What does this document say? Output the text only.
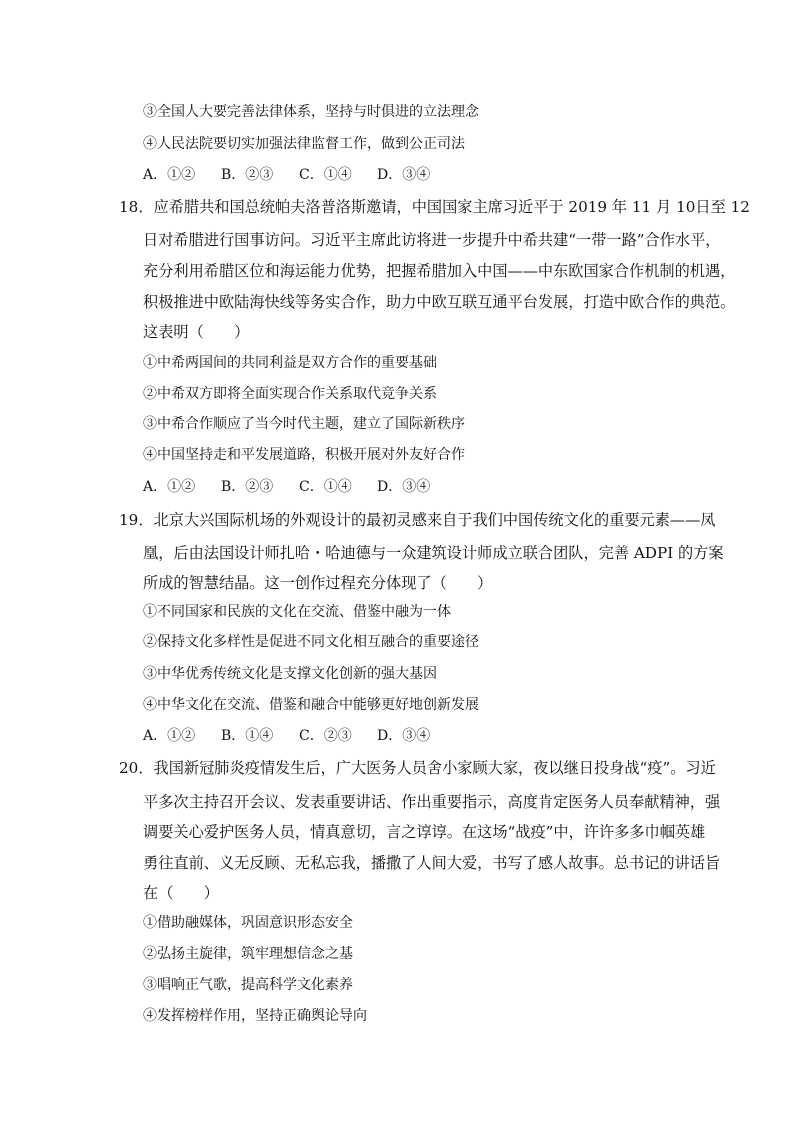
③全国人大要完善法律体系，坚持与时俱进的立法理念
④人民法院要切实加强法律监督工作，做到公正司法
A．①② B．②③ C．①④ D．③④
18．应希腊共和国总统帕夫洛普洛斯邀请，中国国家主席习近平于 2019 年 11 月 10日至 12
日对希腊进行国事访问。习近平主席此访将进一步提升中希共建“一带一路”合作水平，
充分利用希腊区位和海运能力优势，把握希腊加入中国——中东欧国家合作机制的机遇，
积极推进中欧陆海快线等务实合作，助力中欧互联互通平台发展，打造中欧合作的典范。
这表明（　　）
①中希两国间的共同利益是双方合作的重要基础
②中希双方即将全面实现合作关系取代竞争关系
③中希合作顺应了当今时代主题，建立了国际新秩序
④中国坚持走和平发展道路，积极开展对外友好合作
A．①② B．②③ C．①④ D．③④
19．北京大兴国际机场的外观设计的最初灵感来自于我们中国传统文化的重要元素——凤
凰，后由法国设计师扎哈・哈迪德与一众建筑设计师成立联合团队，完善 ADPI 的方案
所成的智慧结晶。这一创作过程充分体现了（　　）
①不同国家和民族的文化在交流、借鉴中融为一体
②保持文化多样性是促进不同文化相互融合的重要途径
③中华优秀传统文化是支撑文化创新的强大基因
④中华文化在交流、借鉴和融合中能够更好地创新发展
A．①② B．①④ C．②③ D．③④
20．我国新冠肺炎疫情发生后，广大医务人员舍小家顾大家，夜以继日投身战“疫”。习近
平多次主持召开会议、发表重要讲话、作出重要指示，高度肯定医务人员奉献精神，强
调要关心爱护医务人员，情真意切，言之谆谆。在这场“战疫”中，许许多多巾帼英雄
勇往直前、义无反顾、无私忘我，播撒了人间大爱，书写了感人故事。总书记的讲话旨
在（　　）
①借助融媒体，巩固意识形态安全
②弘扬主旋律，筑牢理想信念之基
③唱响正气歌，提高科学文化素养
④发挥榜样作用，坚持正确舆论导向
